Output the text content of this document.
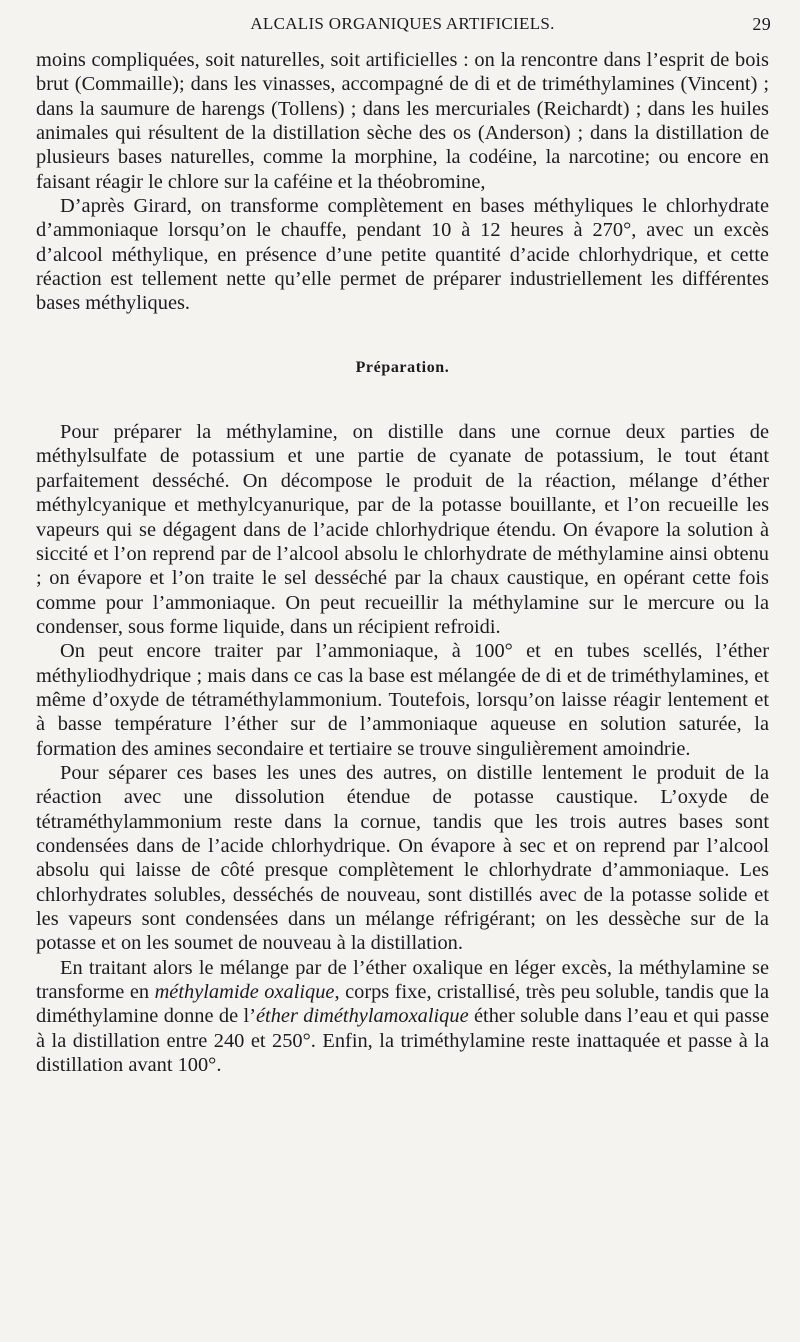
ALCALIS ORGANIQUES ARTIFICIELS.	29

moins compliquées, soit naturelles, soit artificielles : on la rencontre dans l’esprit de bois brut (Commaille); dans les vinasses, accompagné de di et de triméthylamines (Vincent) ; dans la saumure de harengs (Tollens) ; dans les mercuriales (Reichardt) ; dans les huiles animales qui résultent de la distillation sèche des os (Anderson) ; dans la distillation de plusieurs bases naturelles, comme la morphine, la codéine, la narcotine; ou encore en faisant réagir le chlore sur la caféine et la théobromine,

D’après Girard, on transforme complètement en bases méthyliques le chlorhydrate d’ammoniaque lorsqu’on le chauffe, pendant 10 à 12 heures à 270°, avec un excès d’alcool méthylique, en présence d’une petite quantité d’acide chlorhydrique, et cette réaction est tellement nette qu’elle permet de préparer industriellement les différentes bases méthyliques.

Préparation.

Pour préparer la méthylamine, on distille dans une cornue deux parties de méthylsulfate de potassium et une partie de cyanate de potassium, le tout étant parfaitement desséché. On décompose le produit de la réaction, mélange d’éther méthylcyanique et methylcyanurique, par de la potasse bouillante, et l’on recueille les vapeurs qui se dégagent dans de l’acide chlorhydrique étendu. On évapore la solution à siccité et l’on reprend par de l’alcool absolu le chlorhydrate de méthylamine ainsi obtenu ; on évapore et l’on traite le sel desséché par la chaux caustique, en opérant cette fois comme pour l’ammoniaque. On peut recueillir la méthylamine sur le mercure ou la condenser, sous forme liquide, dans un récipient refroidi.

On peut encore traiter par l’ammoniaque, à 100° et en tubes scellés, l’éther méthyliodhydrique ; mais dans ce cas la base est mélangée de di et de triméthylamines, et même d’oxyde de tétraméthylammonium. Toutefois, lorsqu’on laisse réagir lentement et à basse température l’éther sur de l’ammoniaque aqueuse en solution saturée, la formation des amines secondaire et tertiaire se trouve singulièrement amoindrie.

Pour séparer ces bases les unes des autres, on distille lentement le produit de la réaction avec une dissolution étendue de potasse caustique. L’oxyde de tétraméthylammonium reste dans la cornue, tandis que les trois autres bases sont condensées dans de l’acide chlorhydrique. On évapore à sec et on reprend par l’alcool absolu qui laisse de côté presque complètement le chlorhydrate d’ammoniaque. Les chlorhydrates solubles, desséchés de nouveau, sont distillés avec de la potasse solide et les vapeurs sont condensées dans un mélange réfrigérant; on les dessèche sur de la potasse et on les soumet de nouveau à la distillation.

En traitant alors le mélange par de l’éther oxalique en léger excès, la méthylamine se transforme en méthylamide oxalique, corps fixe, cristallisé, très peu soluble, tandis que la diméthylamine donne de l’éther diméthylamoxalique éther soluble dans l’eau et qui passe à la distillation entre 240 et 250°. Enfin, la triméthylamine reste inattaquée et passe à la distillation avant 100°.
